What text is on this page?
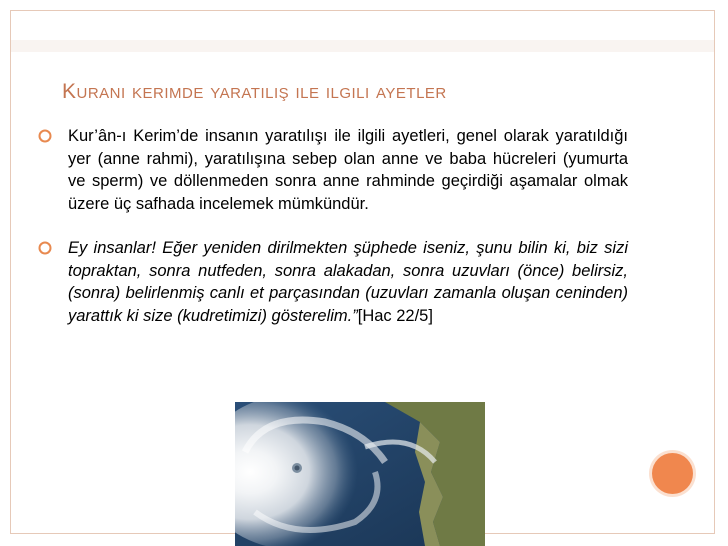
Kuranı kerimde yaratılış ile ilgili ayetler

Kur’ân-ı Kerim’de insanın yaratılışı ile ilgili ayetleri, genel olarak yaratıldığı yer (anne rahmi), yaratılışına sebep olan anne ve baba hücreleri (yumurta ve sperm) ve döllenmeden sonra anne rahminde geçirdiği aşamalar olmak üzere üç safhada incelemek mümkündür.

Ey insanlar! Eğer yeniden dirilmekten şüphede iseniz, şunu bilin ki, biz sizi topraktan, sonra nutfeden, sonra alakadan, sonra uzuvları (önce) belirsiz, (sonra) belirlenmiş canlı et parçasından (uzuvları zamanla oluşan ceninden) yarattık ki size (kudretimizi) gösterelim.”[Hac 22/5]
